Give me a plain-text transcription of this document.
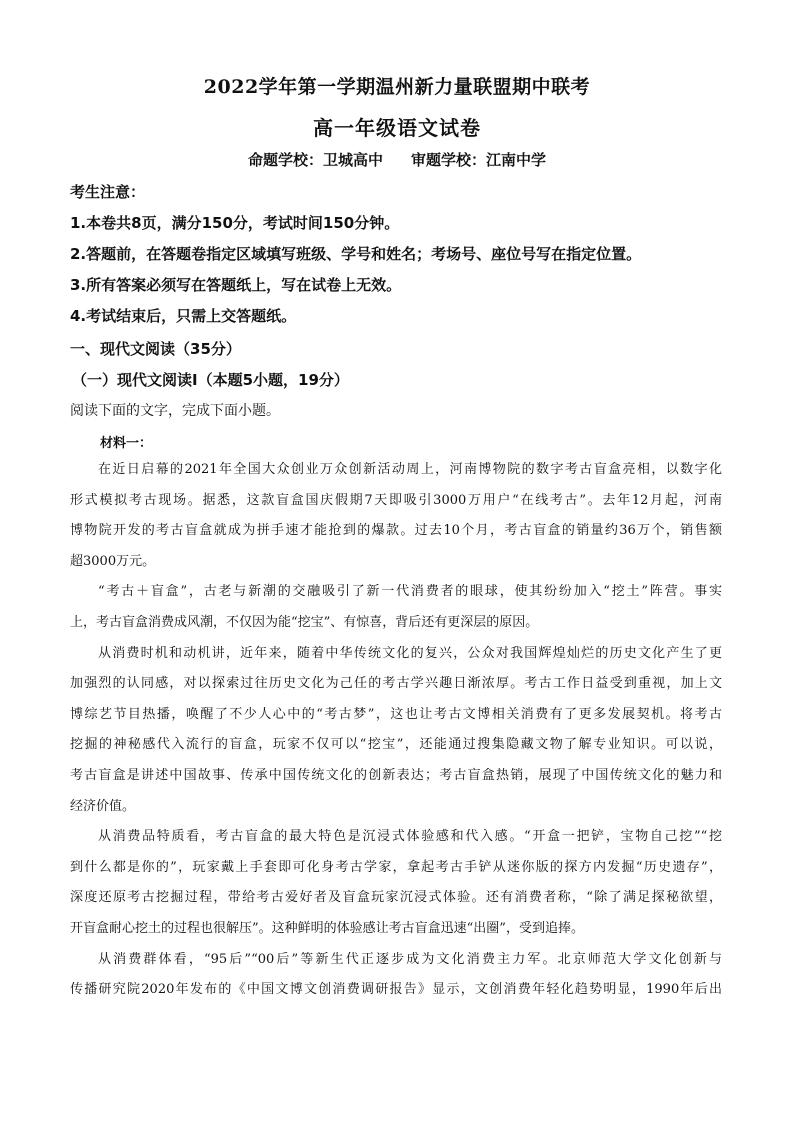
2022学年第一学期温州新力量联盟期中联考
高一年级语文试卷
命题学校：卫城高中 审题学校：江南中学
考生注意：
1.本卷共8页，满分150分，考试时间150分钟。
2.答题前，在答题卷指定区域填写班级、学号和姓名；考场号、座位号写在指定位置。
3.所有答案必须写在答题纸上，写在试卷上无效。
4.考试结束后，只需上交答题纸。
一、现代文阅读（35分）
（一）现代文阅读Ⅰ（本题5小题，19分）
阅读下面的文字，完成下面小题。
材料一：
在近日启幕的2021年全国大众创业万众创新活动周上，河南博物院的数字考古盲盒亮相，以数字化
形式模拟考古现场。据悉，这款盲盒国庆假期7天即吸引3000万用户“在线考古”。去年12月起，河南
博物院开发的考古盲盒就成为拼手速才能抢到的爆款。过去10个月，考古盲盒的销量约36万个，销售额
超3000万元。
“考古＋盲盒”，古老与新潮的交融吸引了新一代消费者的眼球，使其纷纷加入“挖土”阵营。事实
上，考古盲盒消费成风潮，不仅因为能“挖宝”、有惊喜，背后还有更深层的原因。
从消费时机和动机讲，近年来，随着中华传统文化的复兴，公众对我国辉煌灿烂的历史文化产生了更
加强烈的认同感，对以探索过往历史文化为己任的考古学兴趣日渐浓厚。考古工作日益受到重视，加上文
博综艺节目热播，唤醒了不少人心中的“考古梦”，这也让考古文博相关消费有了更多发展契机。将考古
挖掘的神秘感代入流行的盲盒，玩家不仅可以“挖宝”，还能通过搜集隐藏文物了解专业知识。可以说，
考古盲盒是讲述中国故事、传承中国传统文化的创新表达；考古盲盒热销，展现了中国传统文化的魅力和
经济价值。
从消费品特质看，考古盲盒的最大特色是沉浸式体验感和代入感。“开盒一把铲，宝物自己挖”“挖
到什么都是你的”，玩家戴上手套即可化身考古学家，拿起考古手铲从迷你版的探方内发掘“历史遗存”，
深度还原考古挖掘过程，带给考古爱好者及盲盒玩家沉浸式体验。还有消费者称，“除了满足探秘欲望，
开盲盒耐心挖土的过程也很解压”。这种鲜明的体验感让考古盲盒迅速“出圈”，受到追捧。
从消费群体看，“95后”“00后”等新生代正逐步成为文化消费主力军。北京师范大学文化创新与
传播研究院2020年发布的《中国文博文创消费调研报告》显示，文创消费年轻化趋势明显，1990年后出
